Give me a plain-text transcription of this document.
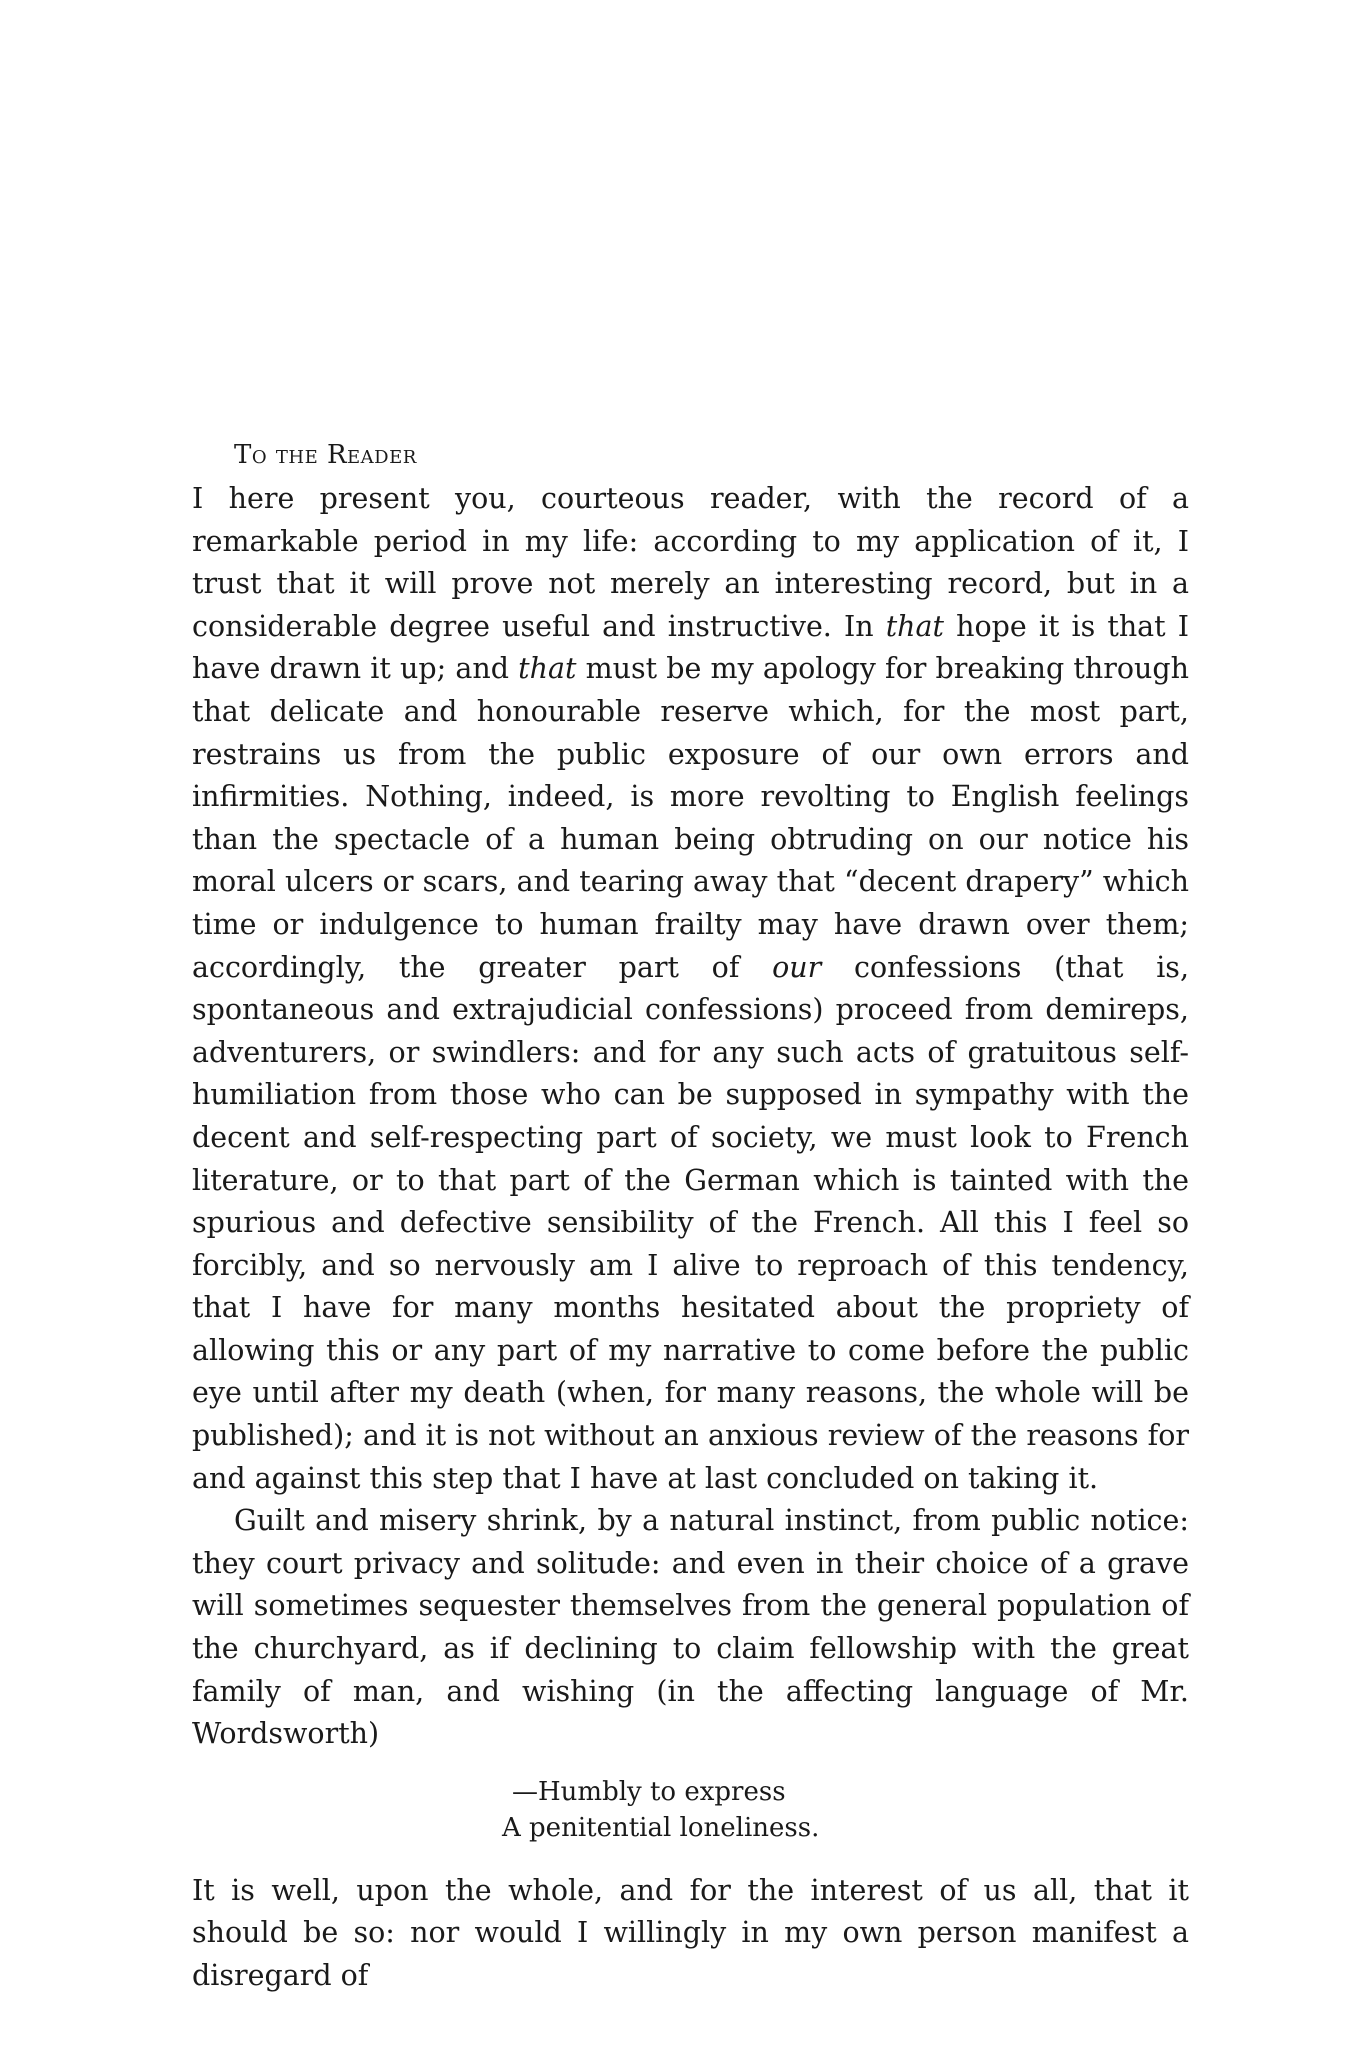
To the Reader

I here present you, courteous reader, with the record of a remarkable period in my life: according to my application of it, I trust that it will prove not merely an interesting record, but in a considerable degree useful and instructive. In that hope it is that I have drawn it up; and that must be my apology for breaking through that delicate and honourable reserve which, for the most part, restrains us from the public exposure of our own errors and infirmities. Nothing, indeed, is more revolting to English feelings than the spectacle of a human being obtruding on our notice his moral ulcers or scars, and tearing away that “decent drapery” which time or indulgence to human frailty may have drawn over them; accordingly, the greater part of our confessions (that is, spontaneous and extrajudicial confessions) proceed from demireps, adventurers, or swindlers: and for any such acts of gratuitous self-humiliation from those who can be supposed in sympathy with the decent and self-respecting part of society, we must look to French literature, or to that part of the German which is tainted with the spurious and defective sensibility of the French. All this I feel so forcibly, and so nervously am I alive to reproach of this tendency, that I have for many months hesitated about the propriety of allowing this or any part of my narrative to come before the public eye until after my death (when, for many reasons, the whole will be published); and it is not without an anxious review of the reasons for and against this step that I have at last concluded on taking it.

Guilt and misery shrink, by a natural instinct, from public notice: they court privacy and solitude: and even in their choice of a grave will sometimes sequester themselves from the general population of the churchyard, as if declining to claim fellowship with the great family of man, and wishing (in the affecting language of Mr. Wordsworth)

—Humbly to express
A penitential loneliness.

It is well, upon the whole, and for the interest of us all, that it should be so: nor would I willingly in my own person manifest a disregard of
